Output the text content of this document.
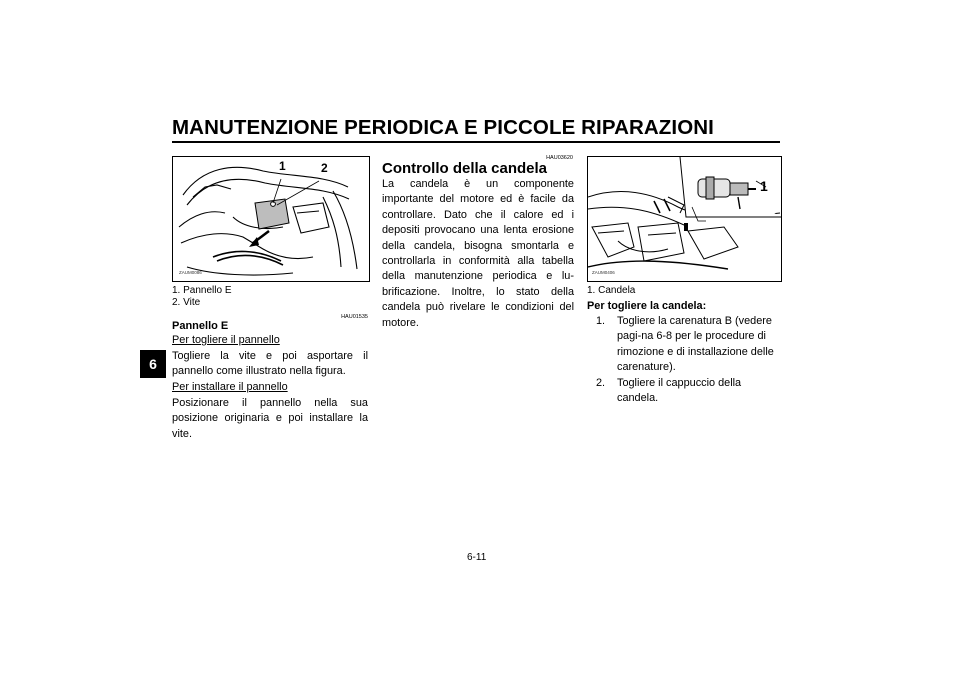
MANUTENZIONE PERIODICA E PICCOLE RIPARAZIONI
6
1	2
ZAUM0086
1. Pannello E
2. Vite
HAU01535
Pannello E
Per togliere il pannello
Togliere la vite e poi asportare il pannello come illustrato nella figura.
Per installare il pannello
Posizionare il pannello nella sua posizione originaria e poi installare la vite.
HAU03620
Controllo della candela
La candela è un componente importante del motore ed è facile da controllare. Dato che il calore ed i depositi provocano una lenta erosione della candela, bisogna smontarla e controllarla in conformità alla tabella della manutenzione periodica e lu-brificazione. Inoltre, lo stato della candela può rivelare le condizioni del motore.
1
ZAUM0406
1. Candela
Per togliere la candela:
1. Togliere la carenatura B (vedere pagi-na 6-8 per le procedure di rimozione e di installazione delle carenature).
2. Togliere il cappuccio della candela.
6-11
